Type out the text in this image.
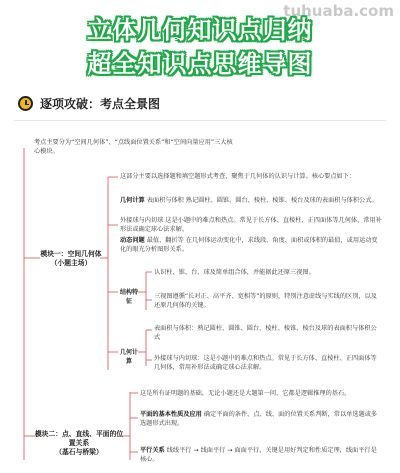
tuhuaba.com
立体几何知识点归纳
超全知识点思维导图
逐项攻破：考点全景图
考点主要分为“空间几何体”、“点线面位置关系”和“空间向量应用”三大核心模块。
模块一：空间几何体
（小题主场）
这部分主要以选择题和填空题形式考查，聚焦于几何体的认识与计算。核心要点如下：
几何计算 表面积与体积 熟记圆柱、圆锥、圆台、棱柱、棱锥、棱台及球的表面积与体积公式。
外接球与内切球 这是小题中的难点和热点。常见于长方体、直棱柱、正四面体等几何体，常用补形法或确定球心法求解。
动态问题 最值、翻折等 在几何体运动变化中，求线段、角度、面积或体积的最值，或用运动变化的眼光分析图形关系。
结构特征
认识柱、锥、台、球及简单组合体，并能据此还原三视图。
三视图遵循“长对正、高平齐、宽相等”的原则，特别注意虚线与实线的区别，以及还原几何体的关键。
几何计算
表面积与体积：熟记圆柱、圆锥、圆台、棱柱、棱锥、棱台及球的表面积与体积公式
外接球与内切球：这是小题中的难点和热点。常见于长方体、直棱柱、正四面体等几何体，常用补形法或确定球心法求解。
模块二：点、直线、平面的位置关系
（基石与桥梁）
这是所有证明题的基础，无论小题还是大题第一问，它都是逻辑推理的基石。
平面的基本性质及应用 确定平面的条件，点、线、面的位置关系判断，常以单选题或多选题形式出现。
平行关系 线线平行 → 线面平行 → 面面平行，关键是用好判定和性质定理，线面平行是核心。
